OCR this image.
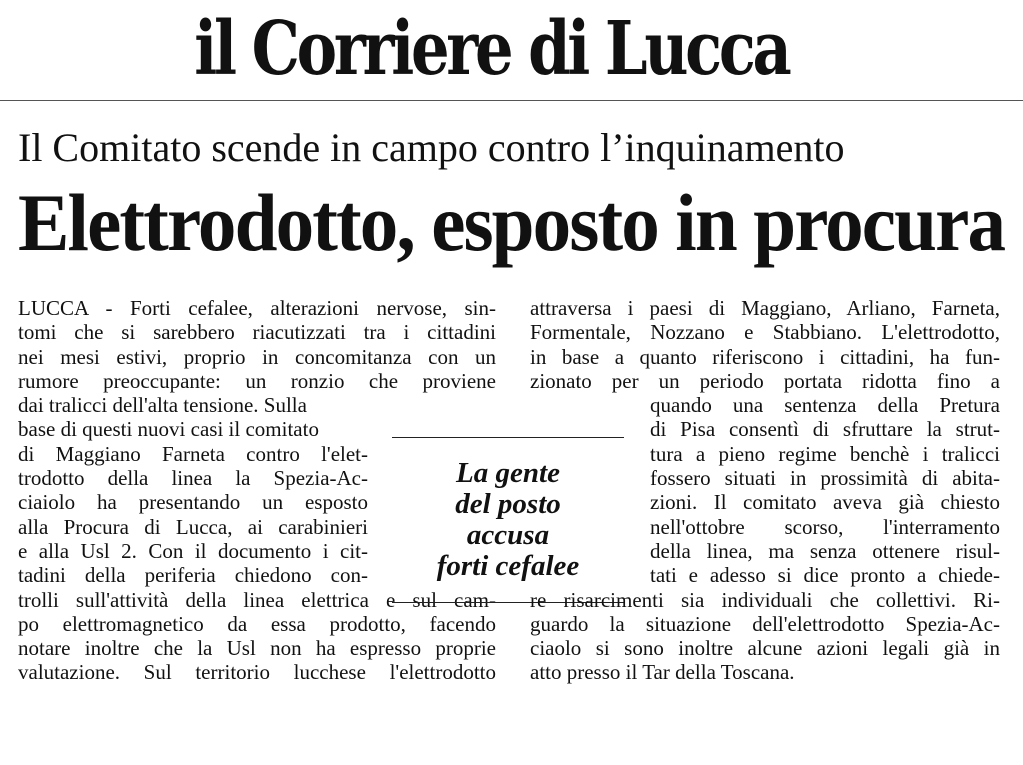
il Corriere di Lucca
Il Comitato scende in campo contro l’inquinamento
Elettrodotto, esposto in procura
LUCCA - Forti cefalee, alterazioni nervose, sin-
tomi che si sarebbero riacutizzati tra i cittadini
nei mesi estivi, proprio in concomitanza con un
rumore preoccupante: un ronzio che proviene
dai tralicci dell'alta tensione. Sulla
base di questi nuovi casi il comitato
di Maggiano Farneta contro l'elet-
trodotto della linea la Spezia-Ac-
ciaiolo ha presentando un esposto
alla Procura di Lucca, ai carabinieri
e alla Usl 2. Con il documento i cit-
tadini della periferia chiedono con-
trolli sull'attività della linea elettrica e sul cam-
po elettromagnetico da essa prodotto, facendo
notare inoltre che la Usl non ha espresso proprie
valutazione. Sul territorio lucchese l'elettrodotto
La gente
del posto
accusa
forti cefalee
attraversa i paesi di Maggiano, Arliano, Farneta,
Formentale, Nozzano e Stabbiano. L'elettrodotto,
in base a quanto riferiscono i cittadini, ha fun-
zionato per un periodo portata ridotta fino a
quando una sentenza della Pretura
di Pisa consentì di sfruttare la strut-
tura a pieno regime benchè i tralicci
fossero situati in prossimità di abita-
zioni. Il comitato aveva già chiesto
nell'ottobre scorso, l'interramento
della linea, ma senza ottenere risul-
tati e adesso si dice pronto a chiede-
re risarcimenti sia individuali che collettivi. Ri-
guardo la situazione dell'elettrodotto Spezia-Ac-
ciaolo si sono inoltre alcune azioni legali già in
atto presso il Tar della Toscana.
